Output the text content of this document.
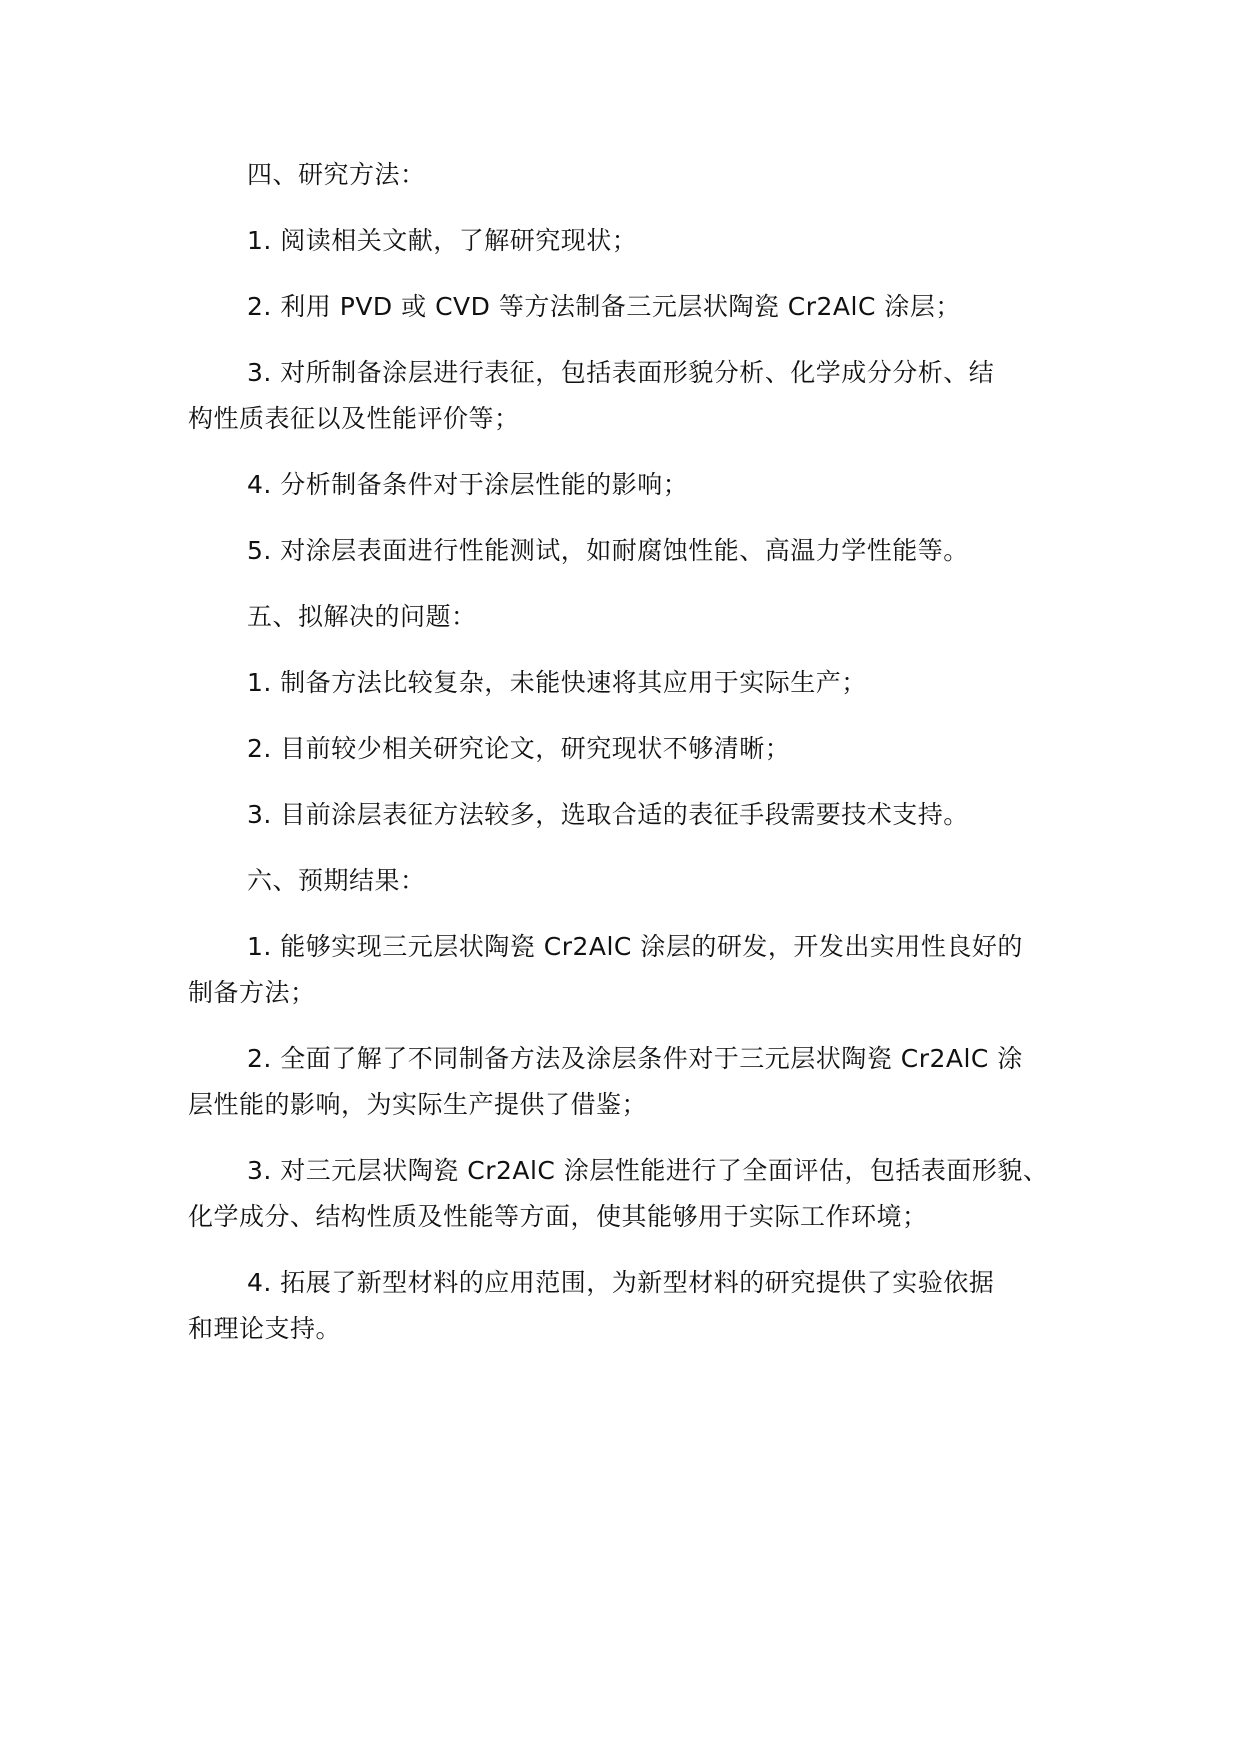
四、研究方法：
1. 阅读相关文献，了解研究现状；
2. 利用 PVD 或 CVD 等方法制备三元层状陶瓷 Cr2AlC 涂层；
3. 对所制备涂层进行表征，包括表面形貌分析、化学成分分析、结
构性质表征以及性能评价等；
4. 分析制备条件对于涂层性能的影响；
5. 对涂层表面进行性能测试，如耐腐蚀性能、高温力学性能等。
五、拟解决的问题：
1. 制备方法比较复杂，未能快速将其应用于实际生产；
2. 目前较少相关研究论文，研究现状不够清晰；
3. 目前涂层表征方法较多，选取合适的表征手段需要技术支持。
六、预期结果：
1. 能够实现三元层状陶瓷 Cr2AlC 涂层的研发，开发出实用性良好的
制备方法；
2. 全面了解了不同制备方法及涂层条件对于三元层状陶瓷 Cr2AlC 涂
层性能的影响，为实际生产提供了借鉴；
3. 对三元层状陶瓷 Cr2AlC 涂层性能进行了全面评估，包括表面形貌、
化学成分、结构性质及性能等方面，使其能够用于实际工作环境；
4. 拓展了新型材料的应用范围，为新型材料的研究提供了实验依据
和理论支持。
